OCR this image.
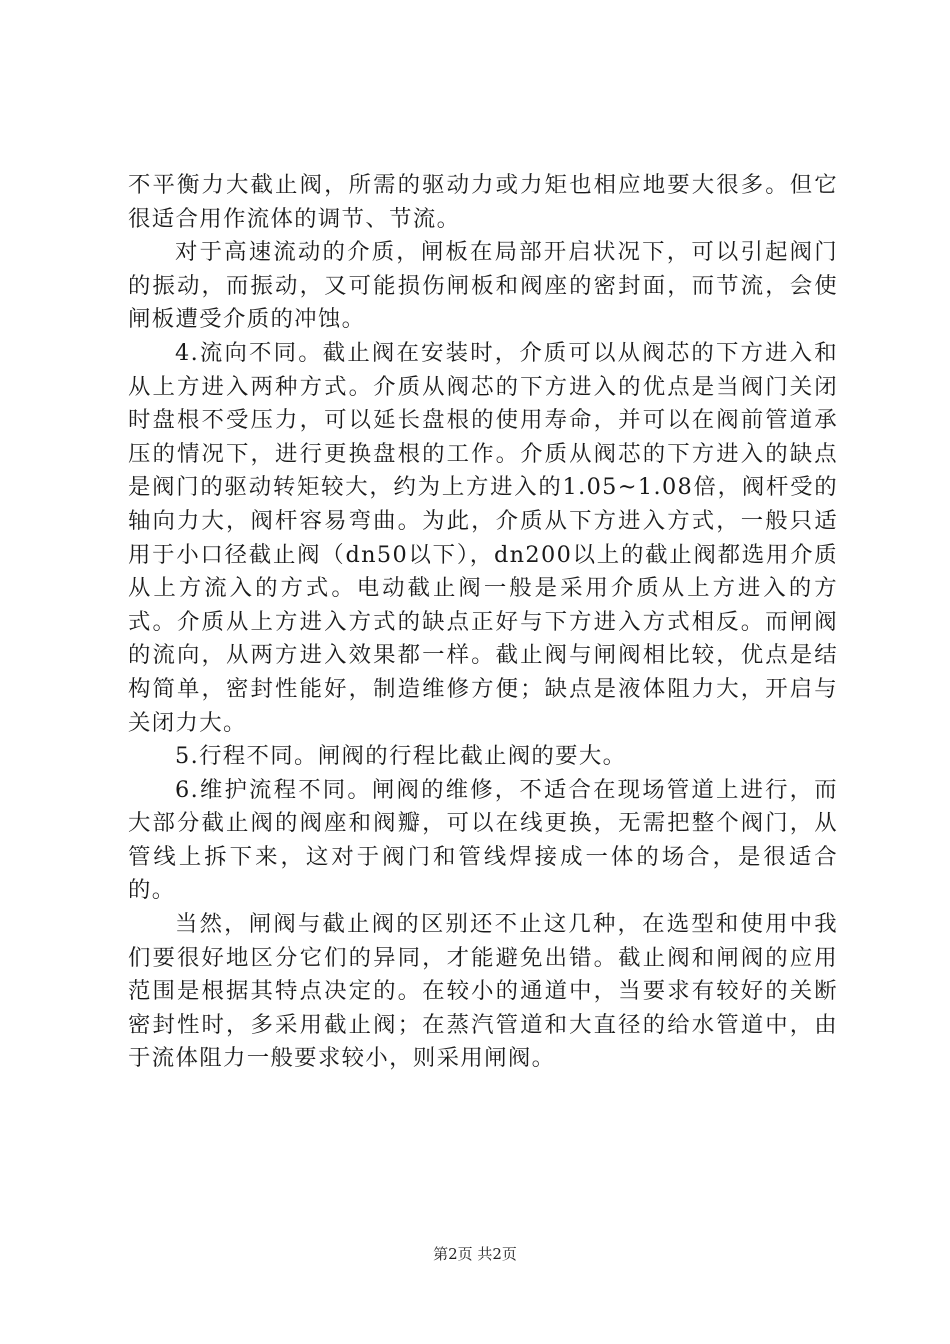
不平衡力大截止阀，所需的驱动力或力矩也相应地要大很多。但它很适合用作流体的调节、节流。

对于高速流动的介质，闸板在局部开启状况下，可以引起阀门的振动，而振动，又可能损伤闸板和阀座的密封面，而节流，会使闸板遭受介质的冲蚀。

4.流向不同。截止阀在安装时，介质可以从阀芯的下方进入和从上方进入两种方式。介质从阀芯的下方进入的优点是当阀门关闭时盘根不受压力，可以延长盘根的使用寿命，并可以在阀前管道承压的情况下，进行更换盘根的工作。介质从阀芯的下方进入的缺点是阀门的驱动转矩较大，约为上方进入的1.05~1.08倍，阀杆受的轴向力大，阀杆容易弯曲。为此，介质从下方进入方式，一般只适用于小口径截止阀（dn50以下），dn200以上的截止阀都选用介质从上方流入的方式。电动截止阀一般是采用介质从上方进入的方式。介质从上方进入方式的缺点正好与下方进入方式相反。而闸阀的流向，从两方进入效果都一样。截止阀与闸阀相比较，优点是结构简单，密封性能好，制造维修方便；缺点是液体阻力大，开启与关闭力大。

5.行程不同。闸阀的行程比截止阀的要大。

6.维护流程不同。闸阀的维修，不适合在现场管道上进行，而大部分截止阀的阀座和阀瓣，可以在线更换，无需把整个阀门，从管线上拆下来，这对于阀门和管线焊接成一体的场合，是很适合的。

当然，闸阀与截止阀的区别还不止这几种，在选型和使用中我们要很好地区分它们的异同，才能避免出错。截止阀和闸阀的应用范围是根据其特点决定的。在较小的通道中，当要求有较好的关断密封性时，多采用截止阀；在蒸汽管道和大直径的给水管道中，由于流体阻力一般要求较小，则采用闸阀。

第2页 共2页
